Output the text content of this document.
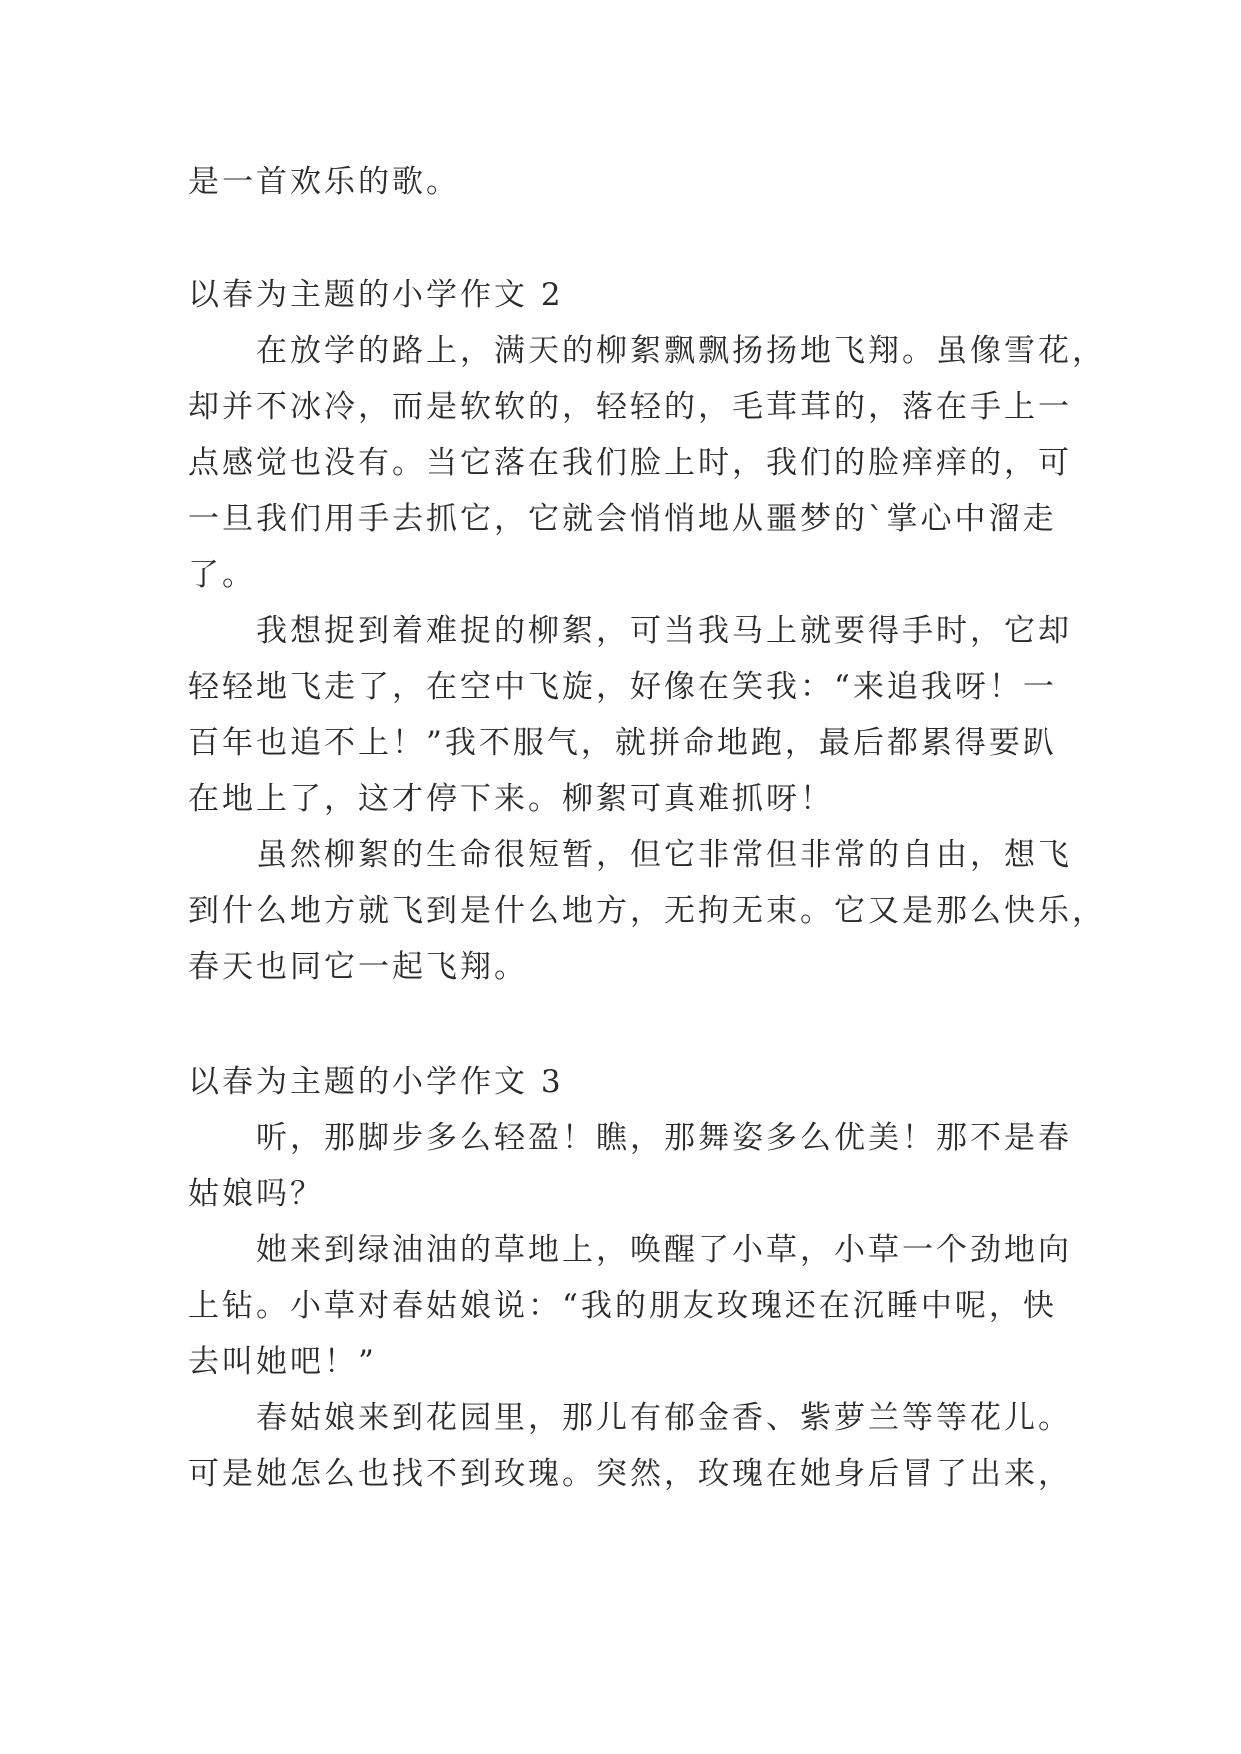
是一首欢乐的歌。
以春为主题的小学作文 2
在放学的路上，满天的柳絮飘飘扬扬地飞翔。虽像雪花，
却并不冰冷，而是软软的，轻轻的，毛茸茸的，落在手上一
点感觉也没有。当它落在我们脸上时，我们的脸痒痒的，可
一旦我们用手去抓它，它就会悄悄地从噩梦的`掌心中溜走
了。
我想捉到着难捉的柳絮，可当我马上就要得手时，它却
轻轻地飞走了，在空中飞旋，好像在笑我：“来追我呀！一
百年也追不上！”我不服气，就拼命地跑，最后都累得要趴
在地上了，这才停下来。柳絮可真难抓呀！
虽然柳絮的生命很短暂，但它非常但非常的自由，想飞
到什么地方就飞到是什么地方，无拘无束。它又是那么快乐，
春天也同它一起飞翔。
以春为主题的小学作文 3
听，那脚步多么轻盈！瞧，那舞姿多么优美！那不是春
姑娘吗？
她来到绿油油的草地上，唤醒了小草，小草一个劲地向
上钻。小草对春姑娘说：“我的朋友玫瑰还在沉睡中呢，快
去叫她吧！”
春姑娘来到花园里，那儿有郁金香、紫萝兰等等花儿。
可是她怎么也找不到玫瑰。突然，玫瑰在她身后冒了出来，
